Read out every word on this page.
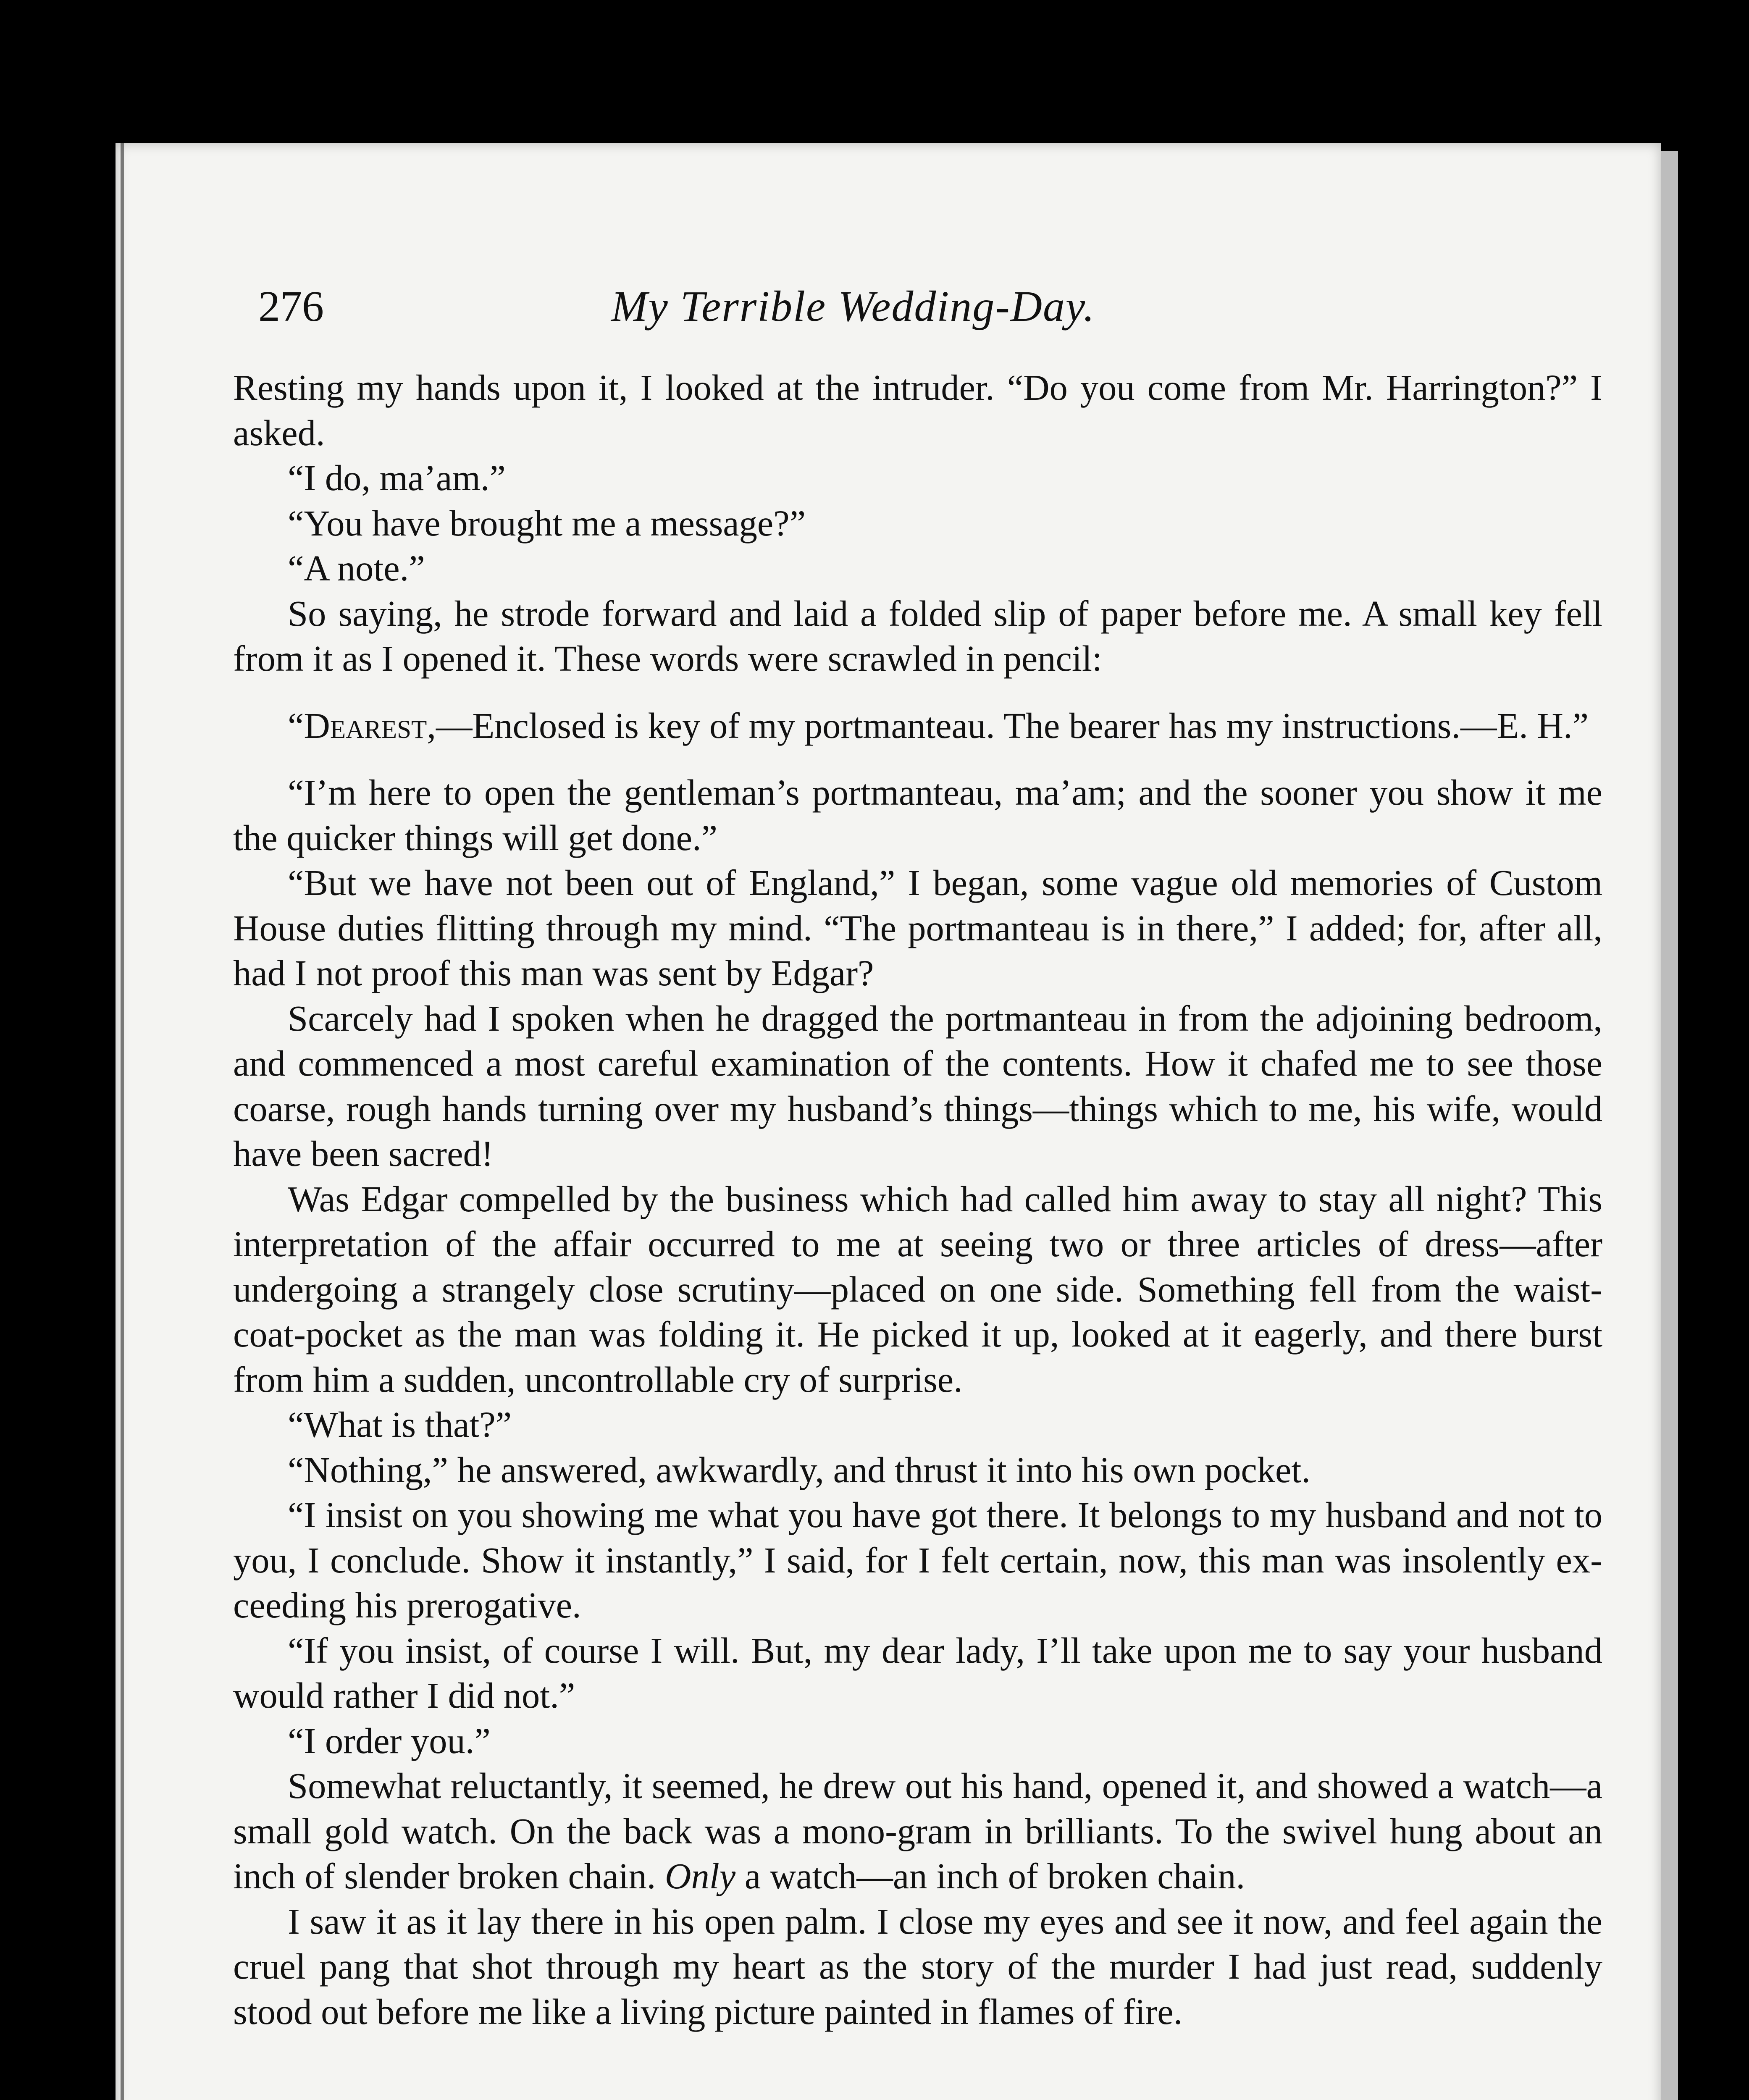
276	My Terrible Wedding-Day.

Resting my hands upon it, I looked at the intruder. “Do you come from Mr. Harrington?” I asked.

“I do, ma’am.”

“You have brought me a message?”

“A note.”

So saying, he strode forward and laid a folded slip of paper before me. A small key fell from it as I opened it. These words were scrawled in pencil:

“Dearest,—Enclosed is key of my portmanteau. The bearer has my instructions.—E. H.”

“I’m here to open the gentleman’s portmanteau, ma’am; and the sooner you show it me the quicker things will get done.”

“But we have not been out of England,” I began, some vague old memories of Custom House duties flitting through my mind. “The portmanteau is in there,” I added; for, after all, had I not proof this man was sent by Edgar?

Scarcely had I spoken when he dragged the portmanteau in from the adjoining bedroom, and commenced a most careful examination of the contents. How it chafed me to see those coarse, rough hands turning over my husband’s things—things which to me, his wife, would have been sacred!

Was Edgar compelled by the business which had called him away to stay all night? This interpretation of the affair occurred to me at seeing two or three articles of dress—after undergoing a strangely close scrutiny—placed on one side. Something fell from the waist-coat-pocket as the man was folding it. He picked it up, looked at it eagerly, and there burst from him a sudden, uncontrollable cry of surprise.

“What is that?”

“Nothing,” he answered, awkwardly, and thrust it into his own pocket.

“I insist on you showing me what you have got there. It belongs to my husband and not to you, I conclude. Show it instantly,” I said, for I felt certain, now, this man was insolently ex-ceeding his prerogative.

“If you insist, of course I will. But, my dear lady, I’ll take upon me to say your husband would rather I did not.”

“I order you.”

Somewhat reluctantly, it seemed, he drew out his hand, opened it, and showed a watch—a small gold watch. On the back was a mono-gram in brilliants. To the swivel hung about an inch of slender broken chain. Only a watch—an inch of broken chain.

I saw it as it lay there in his open palm. I close my eyes and see it now, and feel again the cruel pang that shot through my heart as the story of the murder I had just read, suddenly stood out before me like a living picture painted in flames of fire.
